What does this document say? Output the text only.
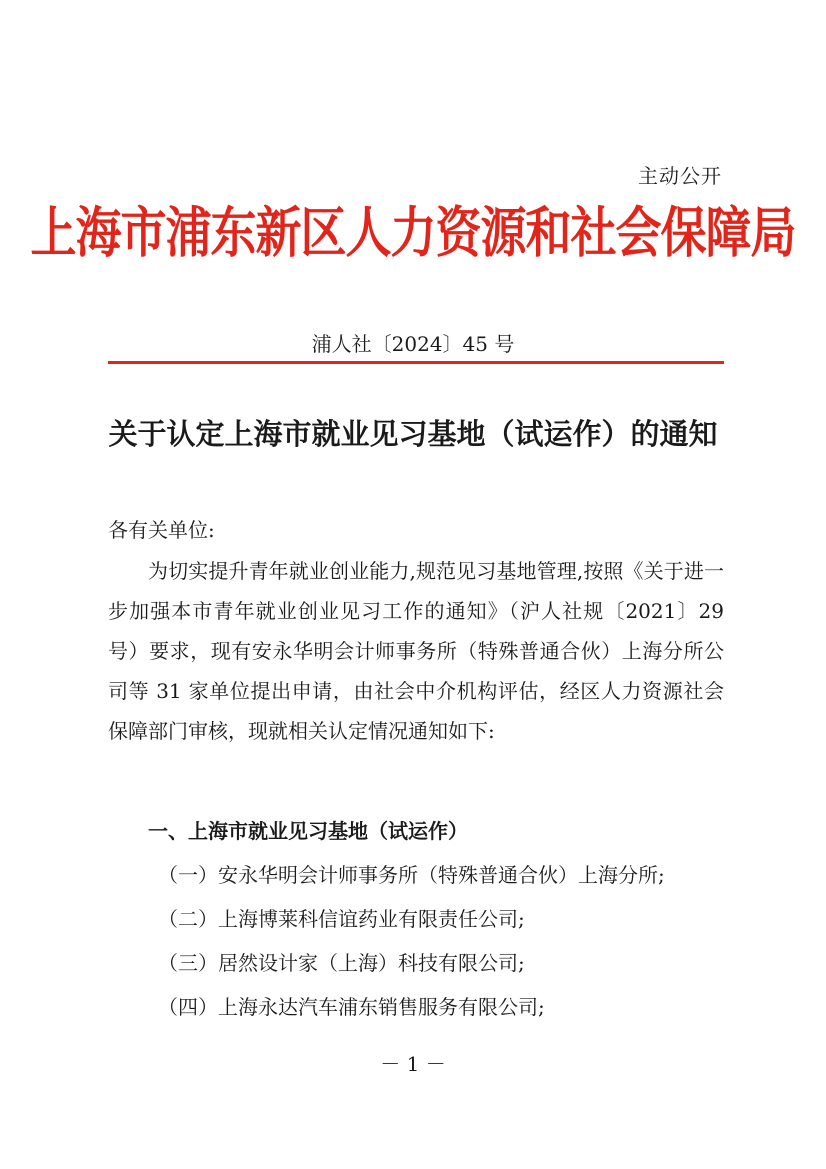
主动公开
上海市浦东新区人力资源和社会保障局
浦人社〔2024〕45 号
关于认定上海市就业见习基地（试运作）的通知
各有关单位:
为切实提升青年就业创业能力,规范见习基地管理,按照《关于进一步加强本市青年就业创业见习工作的通知》（沪人社规〔2021〕29 号）要求，现有安永华明会计师事务所（特殊普通合伙）上海分所公司等 31 家单位提出申请，由社会中介机构评估，经区人力资源社会保障部门审核，现就相关认定情况通知如下:
一、上海市就业见习基地（试运作）
（一）安永华明会计师事务所（特殊普通合伙）上海分所;
（二）上海博莱科信谊药业有限责任公司;
（三）居然设计家（上海）科技有限公司;
（四）上海永达汽车浦东销售服务有限公司;
－ 1 －
